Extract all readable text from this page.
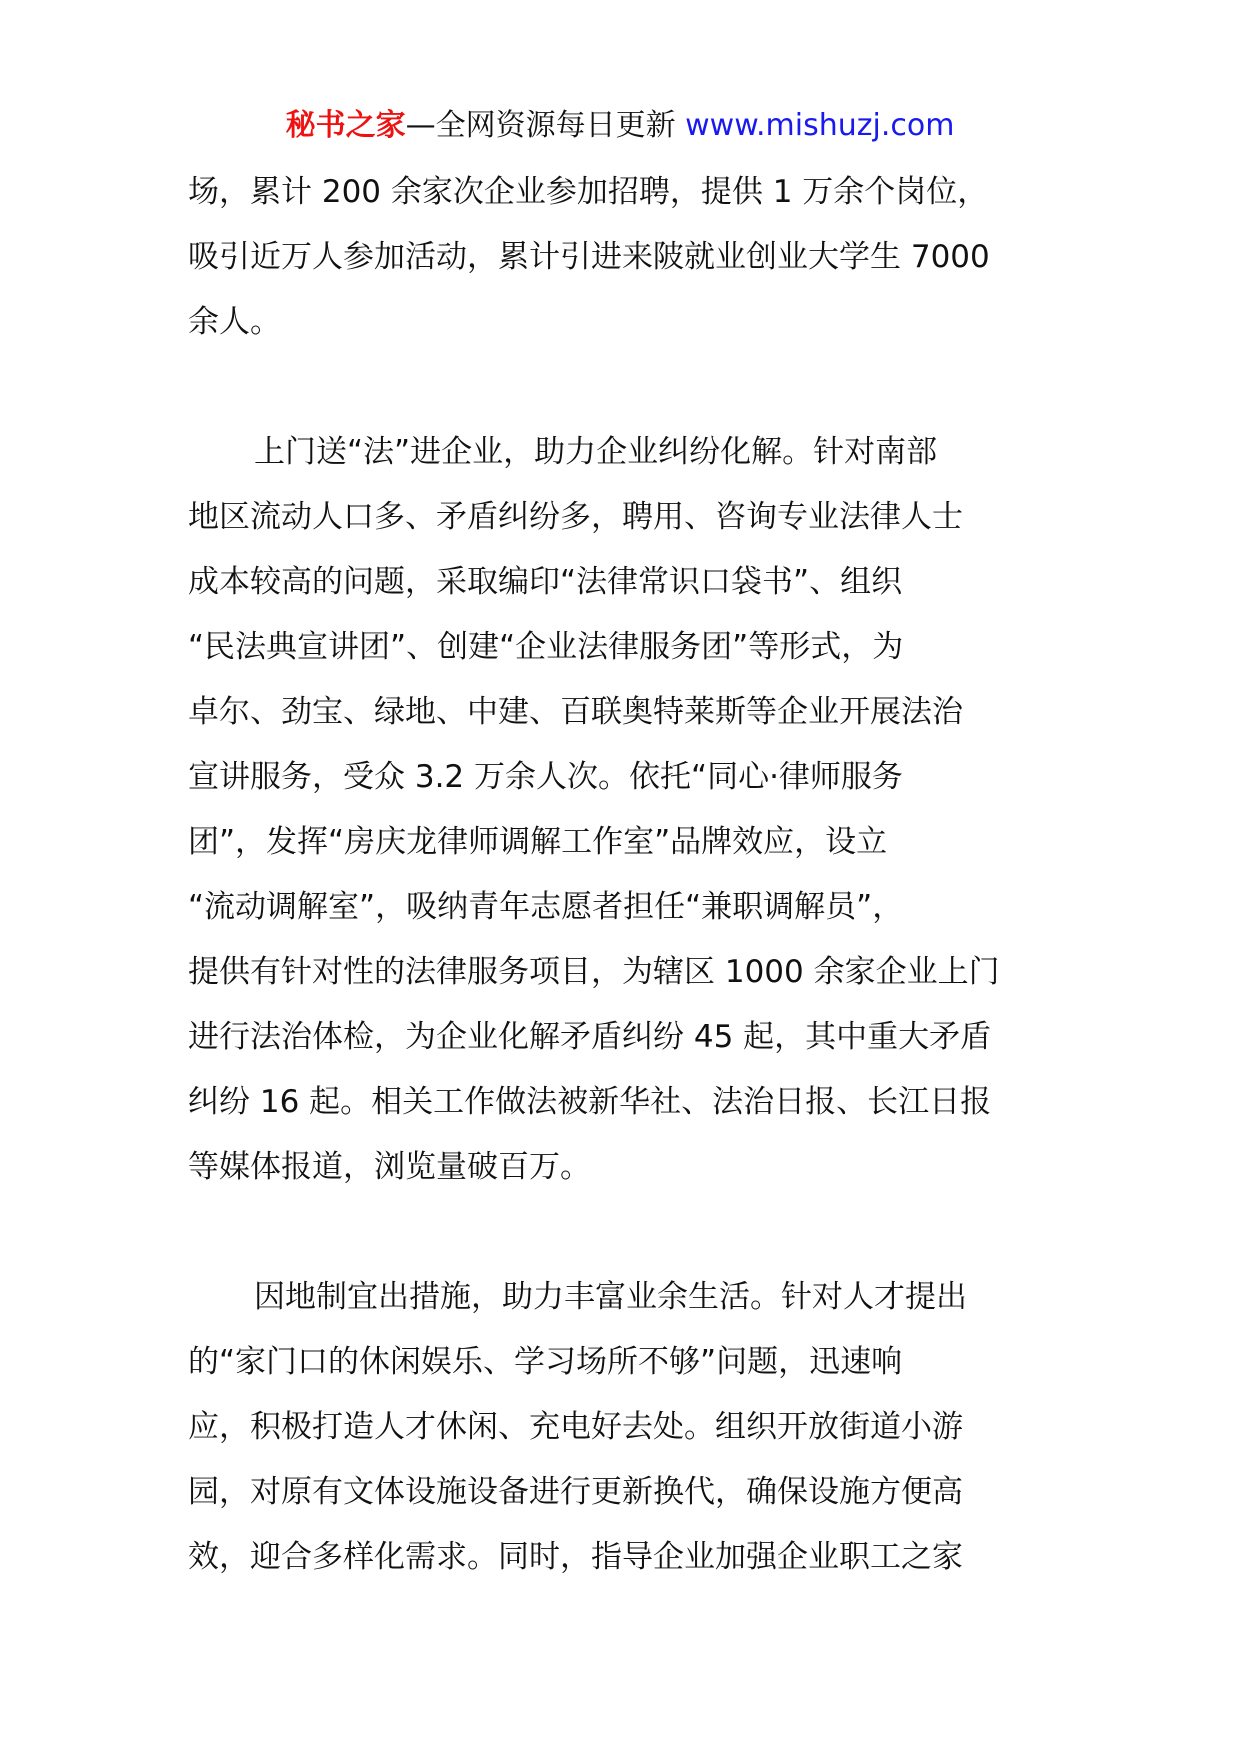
秘书之家—全网资源每日更新 www.mishuzj.com
场，累计 200 余家次企业参加招聘，提供 1 万余个岗位，
吸引近万人参加活动，累计引进来陂就业创业大学生 7000
余人。
上门送“法”进企业，助力企业纠纷化解。针对南部
地区流动人口多、矛盾纠纷多，聘用、咨询专业法律人士
成本较高的问题，采取编印“法律常识口袋书”、组织
“民法典宣讲团”、创建“企业法律服务团”等形式，为
卓尔、劲宝、绿地、中建、百联奥特莱斯等企业开展法治
宣讲服务，受众 3.2 万余人次。依托“同心·律师服务
团”，发挥“房庆龙律师调解工作室”品牌效应，设立
“流动调解室”，吸纳青年志愿者担任“兼职调解员”，
提供有针对性的法律服务项目，为辖区 1000 余家企业上门
进行法治体检，为企业化解矛盾纠纷 45 起，其中重大矛盾
纠纷 16 起。相关工作做法被新华社、法治日报、长江日报
等媒体报道，浏览量破百万。
因地制宜出措施，助力丰富业余生活。针对人才提出
的“家门口的休闲娱乐、学习场所不够”问题，迅速响
应，积极打造人才休闲、充电好去处。组织开放街道小游
园，对原有文体设施设备进行更新换代，确保设施方便高
效，迎合多样化需求。同时，指导企业加强企业职工之家
